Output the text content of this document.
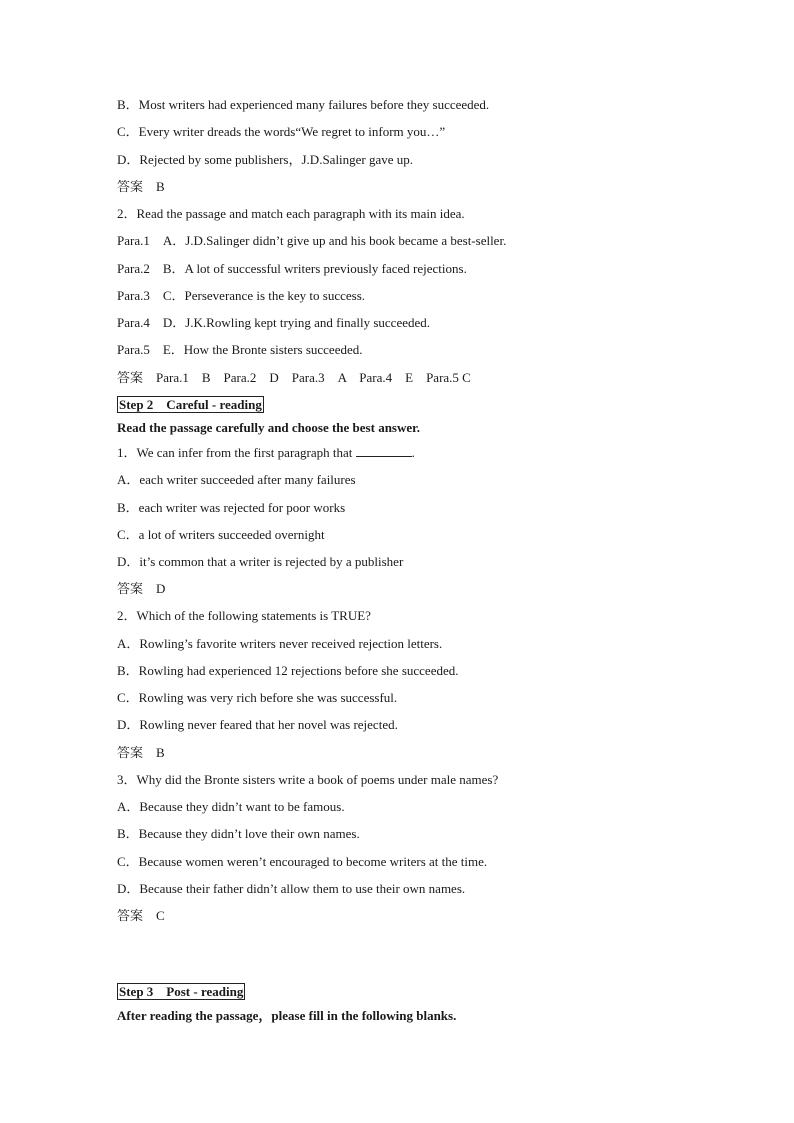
B．Most writers had experienced many failures before they succeeded.
C．Every writer dreads the words“We regret to inform you…”
D．Rejected by some publishers，J.D.Salinger gave up.
答案　B
2．Read the passage and match each paragraph with its main idea.
Para.1　A．J.D.Salinger didn’t give up and his book became a best-seller.
Para.2　B．A lot of successful writers previously faced rejections.
Para.3　C．Perseverance is the key to success.
Para.4　D．J.K.Rowling kept trying and finally succeeded.
Para.5　E．How the Bronte sisters succeeded.
答案　Para.1　B　Para.2　D　Para.3　A　Para.4　E　Para.5 C
Step 2　Careful - reading
Read the passage carefully and choose the best answer.
1．We can infer from the first paragraph that	.
A．each writer succeeded after many failures
B．each writer was rejected for poor works
C．a lot of writers succeeded overnight
D．it’s common that a writer is rejected by a publisher
答案　D
2．Which of the following statements is TRUE?
A．Rowling’s favorite writers never received rejection letters.
B．Rowling had experienced 12 rejections before she succeeded.
C．Rowling was very rich before she was successful.
D．Rowling never feared that her novel was rejected.
答案　B
3．Why did the Bronte sisters write a book of poems under male names?
A．Because they didn’t want to be famous.
B．Because they didn’t love their own names.
C．Because women weren’t encouraged to become writers at the time.
D．Because their father didn’t allow them to use their own names.
答案　C
Step 3　Post - reading
After reading the passage，please fill in the following blanks.
